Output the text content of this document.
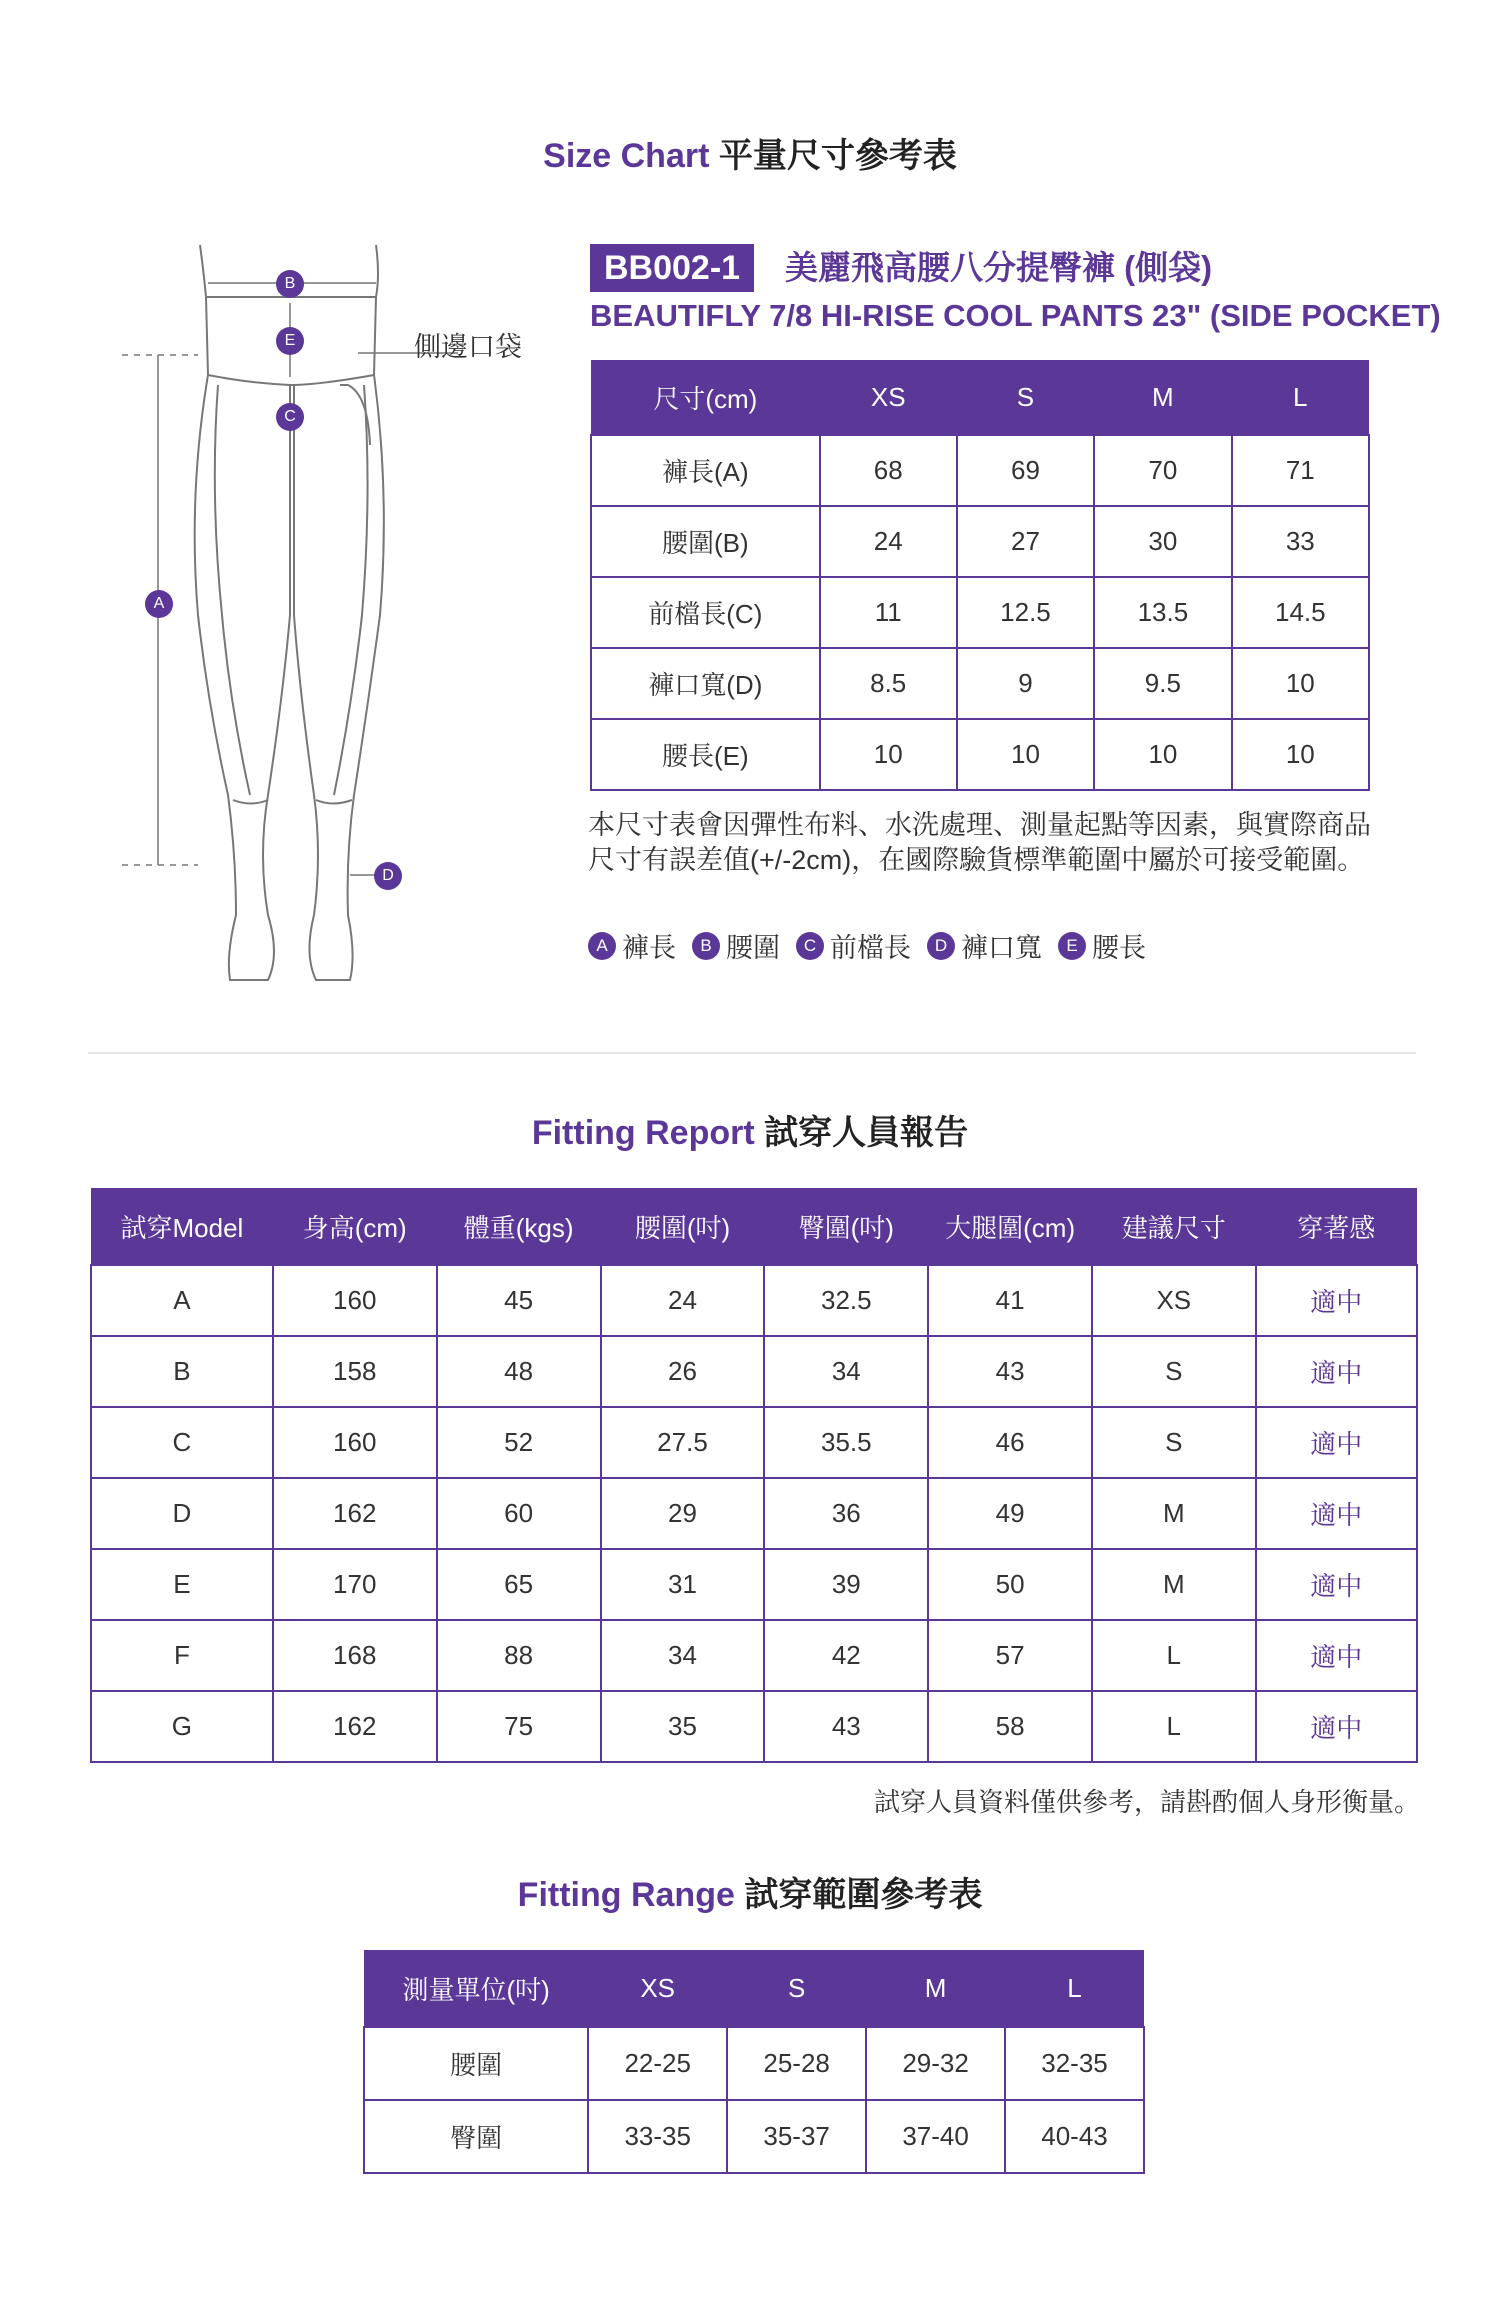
Size Chart 平量尺寸參考表
B
E
C
A
D
側邊口袋
BB002-1	美麗飛高腰八分提臀褲 (側袋)
BEAUTIFLY 7/8 HI-RISE COOL PANTS 23" (SIDE POCKET)
尺寸(cm)	XS	S	M	L
褲長(A)	68	69	70	71
腰圍(B)	24	27	30	33
前檔長(C)	11	12.5	13.5	14.5
褲口寬(D)	8.5	9	9.5	10
腰長(E)	10	10	10	10
本尺寸表會因彈性布料、水洗處理、測量起點等因素，與實際商品
尺寸有誤差值(+/-2cm)，在國際驗貨標準範圍中屬於可接受範圍。
A 褲長	B 腰圍	C 前檔長	D 褲口寬	E 腰長
Fitting Report 試穿人員報告
試穿Model	身高(cm)	體重(kgs)	腰圍(吋)	臀圍(吋)	大腿圍(cm)	建議尺寸	穿著感
A	160	45	24	32.5	41	XS	適中
B	158	48	26	34	43	S	適中
C	160	52	27.5	35.5	46	S	適中
D	162	60	29	36	49	M	適中
E	170	65	31	39	50	M	適中
F	168	88	34	42	57	L	適中
G	162	75	35	43	58	L	適中
試穿人員資料僅供參考，請斟酌個人身形衡量。
Fitting Range 試穿範圍參考表
測量單位(吋)	XS	S	M	L
腰圍	22-25	25-28	29-32	32-35
臀圍	33-35	35-37	37-40	40-43
